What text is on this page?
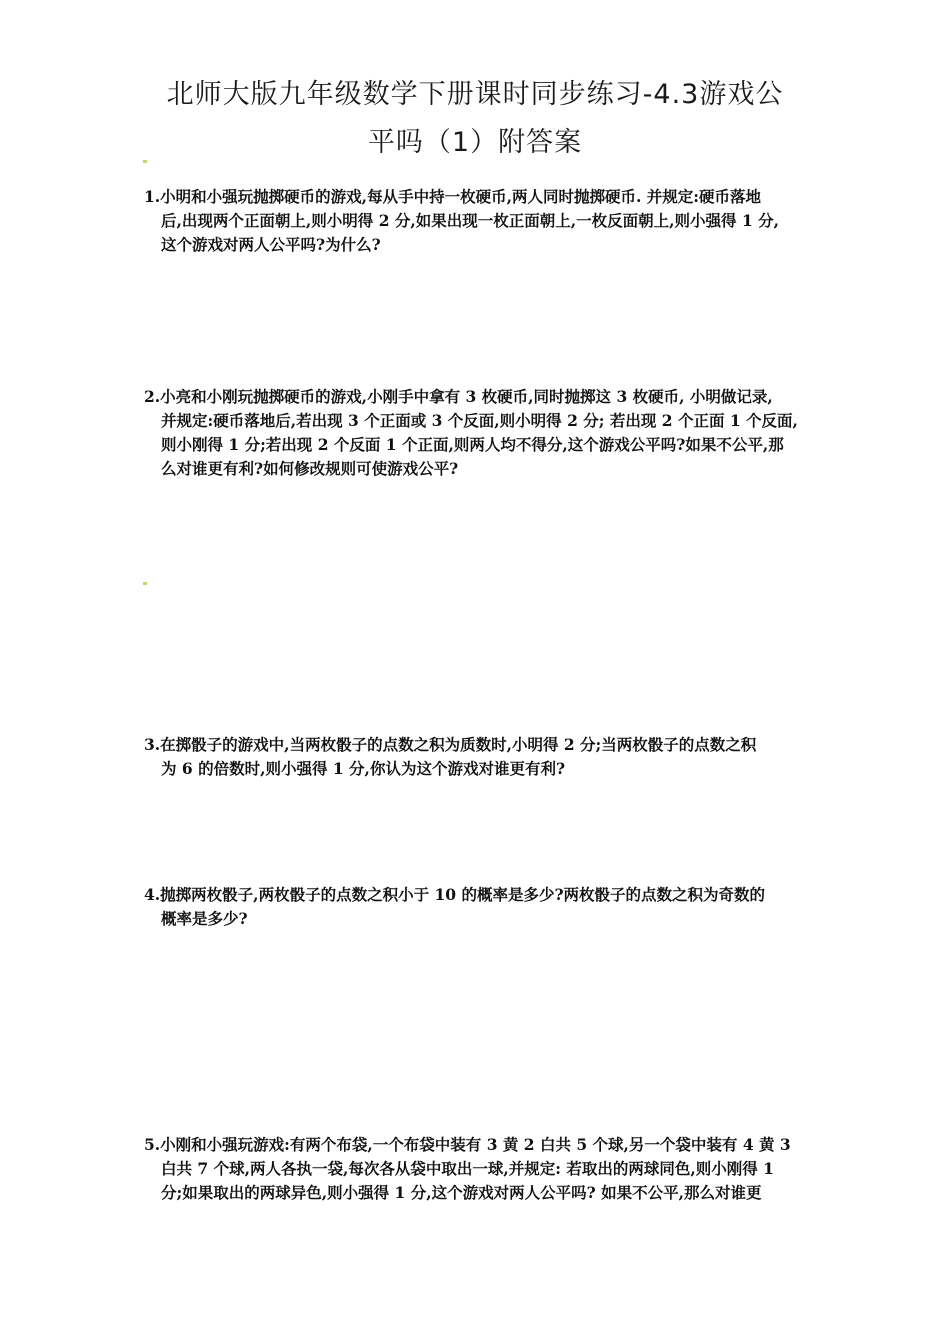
北师大版九年级数学下册课时同步练习-4.3游戏公
平吗（1）附答案
1.小明和小强玩抛掷硬币的游戏,每从手中持一枚硬币,两人同时抛掷硬币. 并规定:硬币落地
后,出现两个正面朝上,则小明得 2 分,如果出现一枚正面朝上,一枚反面朝上,则小强得 1 分,
这个游戏对两人公平吗?为什么?
2.小亮和小刚玩抛掷硬币的游戏,小刚手中拿有 3 枚硬币,同时抛掷这 3 枚硬币, 小明做记录,
并规定:硬币落地后,若出现 3 个正面或 3 个反面,则小明得 2 分; 若出现 2 个正面 1 个反面,
则小刚得 1 分;若出现 2 个反面 1 个正面,则两人均不得分,这个游戏公平吗?如果不公平,那
么对谁更有利?如何修改规则可使游戏公平?
3.在掷骰子的游戏中,当两枚骰子的点数之积为质数时,小明得 2 分;当两枚骰子的点数之积
为 6 的倍数时,则小强得 1 分,你认为这个游戏对谁更有利?
4.抛掷两枚骰子,两枚骰子的点数之积小于 10 的概率是多少?两枚骰子的点数之积为奇数的
概率是多少?
5.小刚和小强玩游戏:有两个布袋,一个布袋中装有 3 黄 2 白共 5 个球,另一个袋中装有 4 黄 3
白共 7 个球,两人各执一袋,每次各从袋中取出一球,并规定: 若取出的两球同色,则小刚得 1
分;如果取出的两球异色,则小强得 1 分,这个游戏对两人公平吗? 如果不公平,那么对谁更
